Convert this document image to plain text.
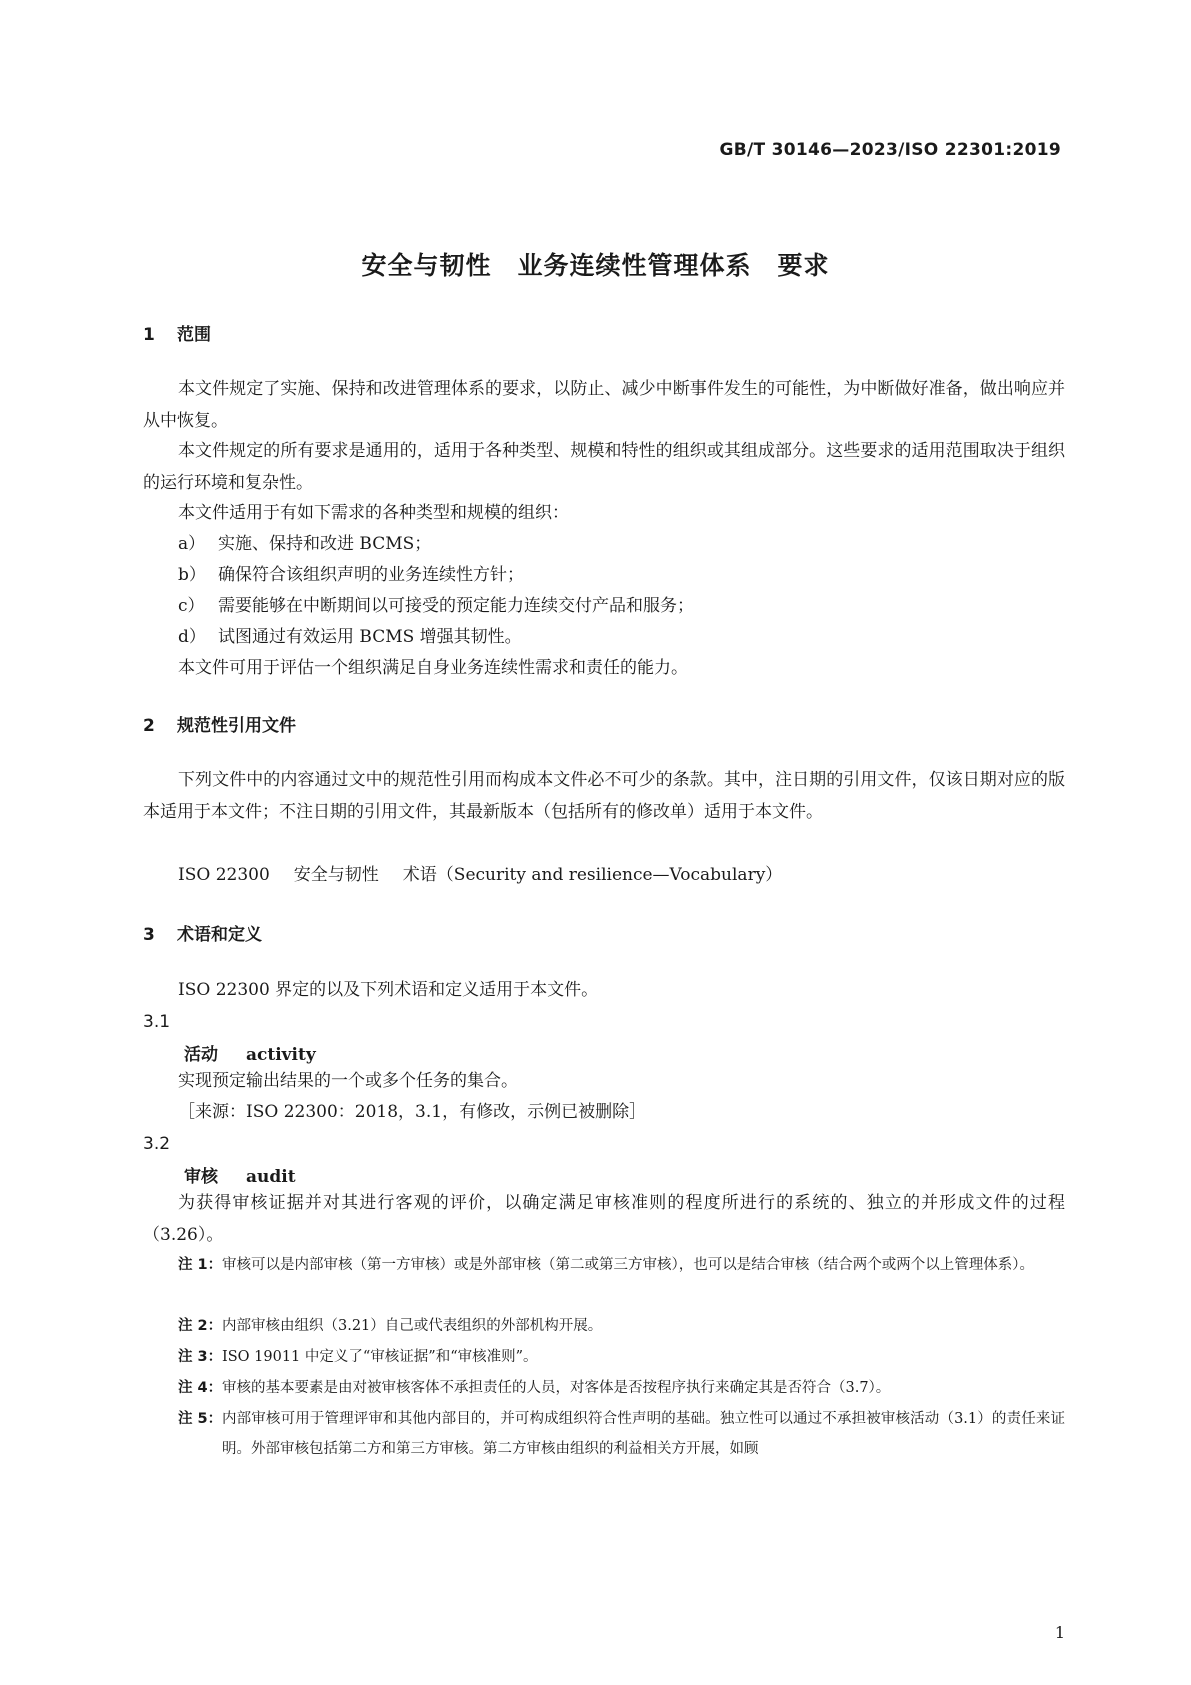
GB/T 30146—2023/ISO 22301:2019
安全与韧性　业务连续性管理体系　要求
1 范围
本文件规定了实施、保持和改进管理体系的要求，以防止、减少中断事件发生的可能性，为中断做好准备，做出响应并从中恢复。
本文件规定的所有要求是通用的，适用于各种类型、规模和特性的组织或其组成部分。这些要求的适用范围取决于组织的运行环境和复杂性。
本文件适用于有如下需求的各种类型和规模的组织：
a） 实施、保持和改进 BCMS；
b） 确保符合该组织声明的业务连续性方针；
c） 需要能够在中断期间以可接受的预定能力连续交付产品和服务；
d） 试图通过有效运用 BCMS 增强其韧性。
本文件可用于评估一个组织满足自身业务连续性需求和责任的能力。
2 规范性引用文件
下列文件中的内容通过文中的规范性引用而构成本文件必不可少的条款。其中，注日期的引用文件，仅该日期对应的版本适用于本文件；不注日期的引用文件，其最新版本（包括所有的修改单）适用于本文件。
ISO 22300 安全与韧性 术语（Security and resilience—Vocabulary）
3 术语和定义
ISO 22300 界定的以及下列术语和定义适用于本文件。
3.1
活动 activity
实现预定输出结果的一个或多个任务的集合。
［来源：ISO 22300：2018，3.1，有修改，示例已被删除］
3.2
审核 audit
为获得审核证据并对其进行客观的评价，以确定满足审核准则的程度所进行的系统的、独立的并形成文件的过程（3.26）。
注 1： 审核可以是内部审核（第一方审核）或是外部审核（第二或第三方审核），也可以是结合审核（结合两个或两个以上管理体系）。
注 2： 内部审核由组织（3.21）自己或代表组织的外部机构开展。
注 3： ISO 19011 中定义了“审核证据”和“审核准则”。
注 4： 审核的基本要素是由对被审核客体不承担责任的人员，对客体是否按程序执行来确定其是否符合（3.7）。
注 5： 内部审核可用于管理评审和其他内部目的，并可构成组织符合性声明的基础。独立性可以通过不承担被审核活动（3.1）的责任来证明。外部审核包括第二方和第三方审核。第二方审核由组织的利益相关方开展，如顾
1
